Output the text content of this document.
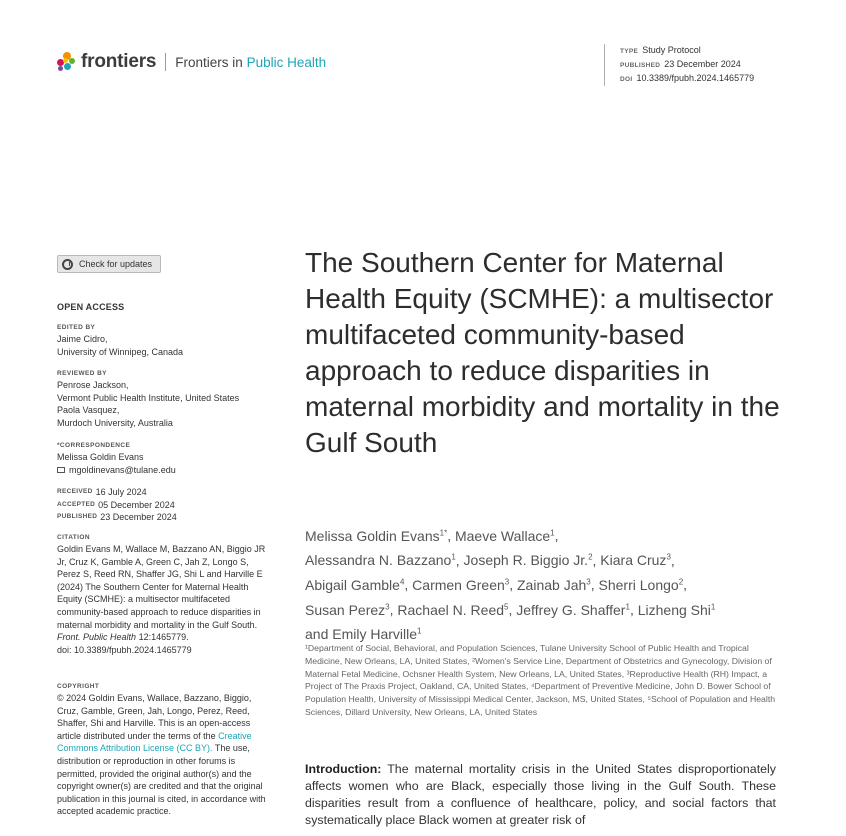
frontiers Frontiers in Public Health
TYPE Study Protocol
PUBLISHED 23 December 2024
DOI 10.3389/fpubh.2024.1465779
Check for updates
OPEN ACCESS
EDITED BY

Jaime Cidro,

University of Winnipeg, Canada

REVIEWED BY

Penrose Jackson,

Vermont Public Health Institute, United States

Paola Vasquez,

Murdoch University, Australia

*CORRESPONDENCE

Melissa Goldin Evans

mgoldinevans@tulane.edu

RECEIVED 16 July 2024
ACCEPTED 05 December 2024
PUBLISHED 23 December 2024
CITATION

Goldin Evans M, Wallace M, Bazzano AN, Biggio JR Jr, Cruz K, Gamble A, Green C, Jah Z, Longo S, Perez S, Reed RN, Shaffer JG, Shi L and Harville E (2024) The Southern Center for Maternal Health Equity (SCMHE): a multisector multifaceted community-based approach to reduce disparities in maternal morbidity and mortality in the Gulf South.

Front. Public Health 12:1465779.

doi: 10.3389/fpubh.2024.1465779

COPYRIGHT

© 2024 Goldin Evans, Wallace, Bazzano, Biggio, Cruz, Gamble, Green, Jah, Longo, Perez, Reed, Shaffer, Shi and Harville. This is an open-access article distributed under the terms of the Creative Commons Attribution License (CC BY). The use, distribution or reproduction in other forums is permitted, provided the original author(s) and the copyright owner(s) are credited and that the original publication in this journal is cited, in accordance with accepted academic practice.

The Southern Center for Maternal Health Equity (SCMHE): a multisector multifaceted community-based approach to reduce disparities in maternal morbidity and mortality in the Gulf South
Melissa Goldin Evans$^{1*}$, Maeve Wallace$^1$,
Alessandra N. Bazzano$^1$, Joseph R. Biggio Jr.$^2$, Kiara Cruz$^3$,
Abigail Gamble$^4$, Carmen Green$^3$, Zainab Jah$^3$, Sherri Longo$^2$,
Susan Perez$^3$, Rachael N. Reed$^5$, Jeffrey G. Shaffer$^1$, Lizheng Shi$^1$
and Emily Harville$^1$
¹Department of Social, Behavioral, and Population Sciences, Tulane University School of Public Health and Tropical Medicine, New Orleans, LA, United States, ²Women's Service Line, Department of Obstetrics and Gynecology, Division of Maternal Fetal Medicine, Ochsner Health System, New Orleans, LA, United States, ³Reproductive Health (RH) Impact, a Project of The Praxis Project, Oakland, CA, United States, ⁴Department of Preventive Medicine, John D. Bower School of Population Health, University of Mississippi Medical Center, Jackson, MS, United States, ⁵School of Population and Health Sciences, Dillard University, New Orleans, LA, United States
Introduction: The maternal mortality crisis in the United States disproportionately affects women who are Black, especially those living in the Gulf South. These disparities result from a confluence of healthcare, policy, and social factors that systematically place Black women at greater risk of
